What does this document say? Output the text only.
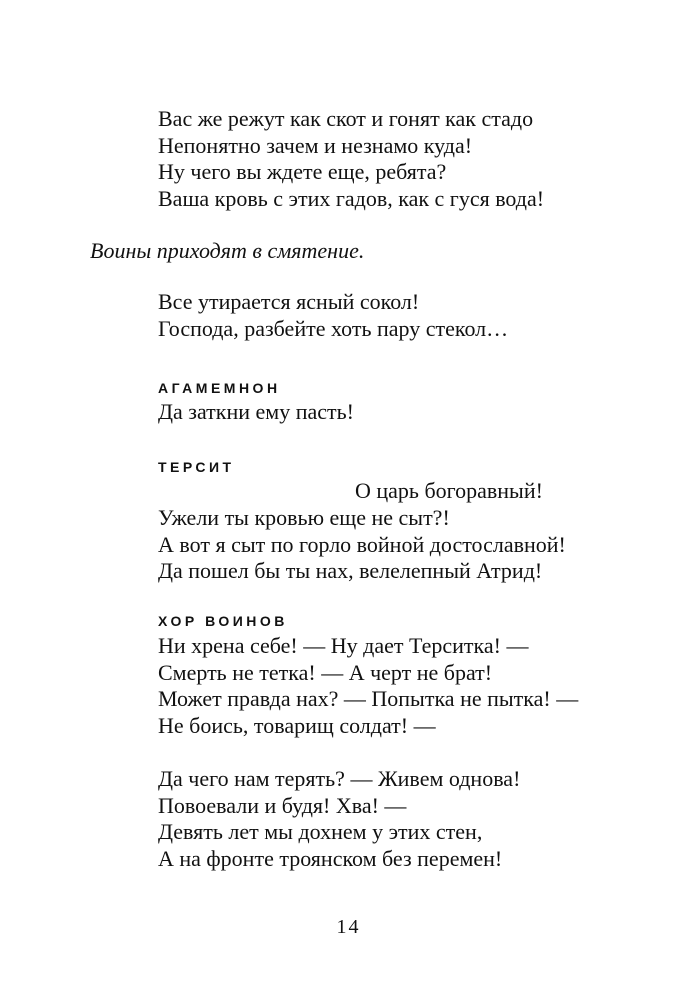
Вас же режут как скот и гонят как стадо
Непонятно зачем и незнамо куда!
Ну чего вы ждете еще, ребята?
Ваша кровь с этих гадов, как с гуся вода!
Воины приходят в смятение.
Все утирается ясный сокол!
Господа, разбейте хоть пару стекол…
АГАМЕМНОН
Да заткни ему пасть!
ТЕРСИТ
О царь богоравный!
Ужели ты кровью еще не сыт?!
А вот я сыт по горло войной достославной!
Да пошел бы ты нах, велелепный Атрид!
ХОР ВОИНОВ
Ни хрена себе! — Ну дает Терситка! —
Смерть не тетка! — А черт не брат!
Может правда нах? — Попытка не пытка! —
Не боись, товарищ солдат! —
Да чего нам терять? — Живем однова!
Повоевали и будя! Хва! —
Девять лет мы дохнем у этих стен,
А на фронте троянском без перемен!
14
